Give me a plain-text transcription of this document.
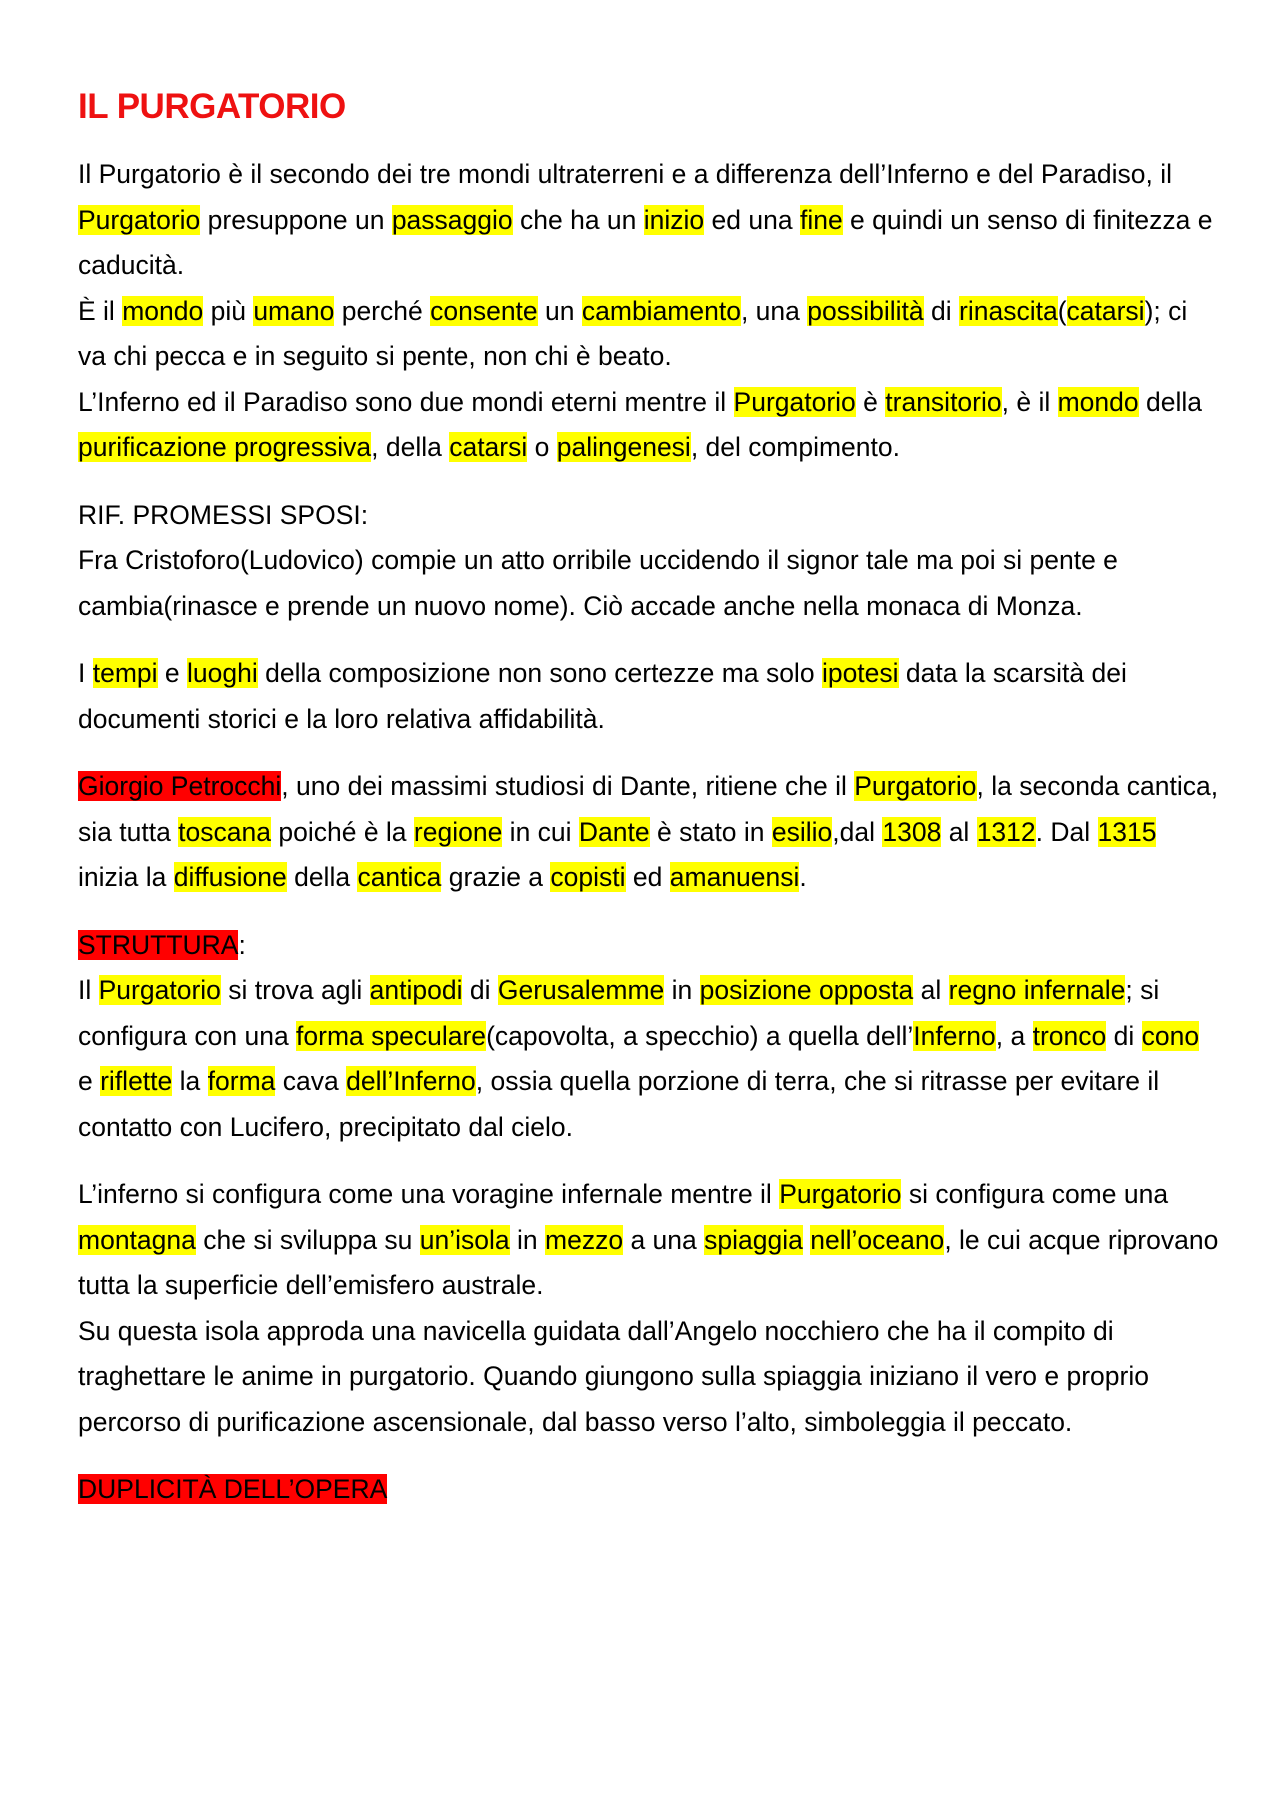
IL PURGATORIO
Il Purgatorio è il secondo dei tre mondi ultraterreni e a differenza dell’Inferno e del Paradiso, il Purgatorio presuppone un passaggio che ha un inizio ed una fine e quindi un senso di finitezza e caducità.
È il mondo più umano perché consente un cambiamento, una possibilità di rinascita(catarsi); ci va chi pecca e in seguito si pente, non chi è beato.
L’Inferno ed il Paradiso sono due mondi eterni mentre il Purgatorio è transitorio, è il mondo della purificazione progressiva, della catarsi o palingenesi, del compimento.
RIF. PROMESSI SPOSI:
Fra Cristoforo(Ludovico) compie un atto orribile uccidendo il signor tale ma poi si pente e cambia(rinasce e prende un nuovo nome). Ciò accade anche nella monaca di Monza.
I tempi e luoghi della composizione non sono certezze ma solo ipotesi data la scarsità dei documenti storici e la loro relativa affidabilità.
Giorgio Petrocchi, uno dei massimi studiosi di Dante, ritiene che il Purgatorio, la seconda cantica, sia tutta toscana poiché è la regione in cui Dante è stato in esilio,dal 1308 al 1312. Dal 1315 inizia la diffusione della cantica grazie a copisti ed amanuensi.
STRUTTURA:
Il Purgatorio si trova agli antipodi di Gerusalemme in posizione opposta al regno infernale; si configura con una forma speculare(capovolta, a specchio) a quella dell’Inferno, a tronco di cono e riflette la forma cava dell’Inferno, ossia quella porzione di terra, che si ritrasse per evitare il contatto con Lucifero, precipitato dal cielo.
L’inferno si configura come una voragine infernale mentre il Purgatorio si configura come una montagna che si sviluppa su un’isola in mezzo a una spiaggia nell’oceano, le cui acque riprovano tutta la superficie dell’emisfero australe.
Su questa isola approda una navicella guidata dall’Angelo nocchiero che ha il compito di traghettare le anime in purgatorio. Quando giungono sulla spiaggia iniziano il vero e proprio percorso di purificazione ascensionale, dal basso verso l’alto, simboleggia il peccato.
DUPLICITÀ DELL’OPERA
